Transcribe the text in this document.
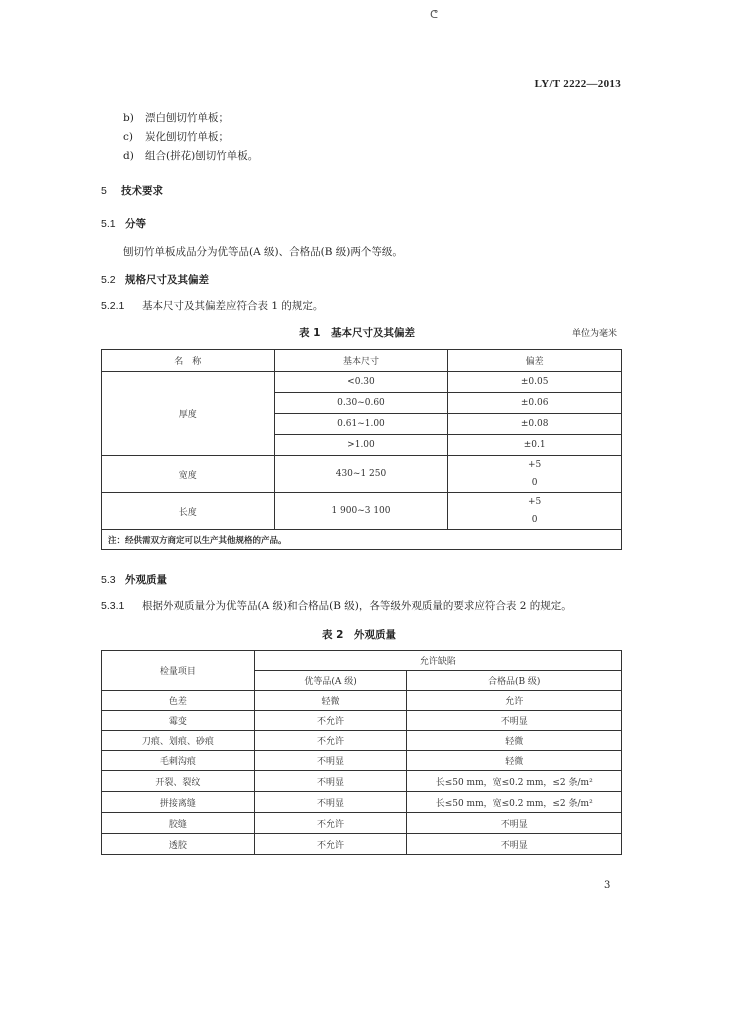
ᕦ
LY/T 2222—2013
b) 漂白刨切竹单板；
c) 炭化刨切竹单板；
d) 组合(拼花)刨切竹单板。
5 技术要求
5.1 分等
刨切竹单板成品分为优等品(A 级)、合格品(B 级)两个等级。
5.2 规格尺寸及其偏差
5.2.1 基本尺寸及其偏差应符合表 1 的规定。
表 1　基本尺寸及其偏差	单位为毫米
名　称	基本尺寸	偏差
厚度	<0.30	±0.05
	0.30~0.60	±0.06
	0.61~1.00	±0.08
	>1.00	±0.1
宽度	430~1 250	+5
0

长度	1 900~3 100	+5
0

注：经供需双方商定可以生产其他规格的产品。		
5.3 外观质量
5.3.1 根据外观质量分为优等品(A 级)和合格品(B 级)，各等级外观质量的要求应符合表 2 的规定。
表 2　外观质量
检量项目	允许缺陷	
	优等品(A 级)	合格品(B 级)
色差	轻微	允许
霉变	不允许	不明显
刀痕、划痕、砂痕	不允许	轻微
毛刺沟痕	不明显	轻微
开裂、裂纹	不明显	长≤50 mm，宽≤0.2 mm，≤2 条/m²
拼接离缝	不明显	长≤50 mm，宽≤0.2 mm，≤2 条/m²
胶缝	不允许	不明显
透胶	不允许	不明显
3
